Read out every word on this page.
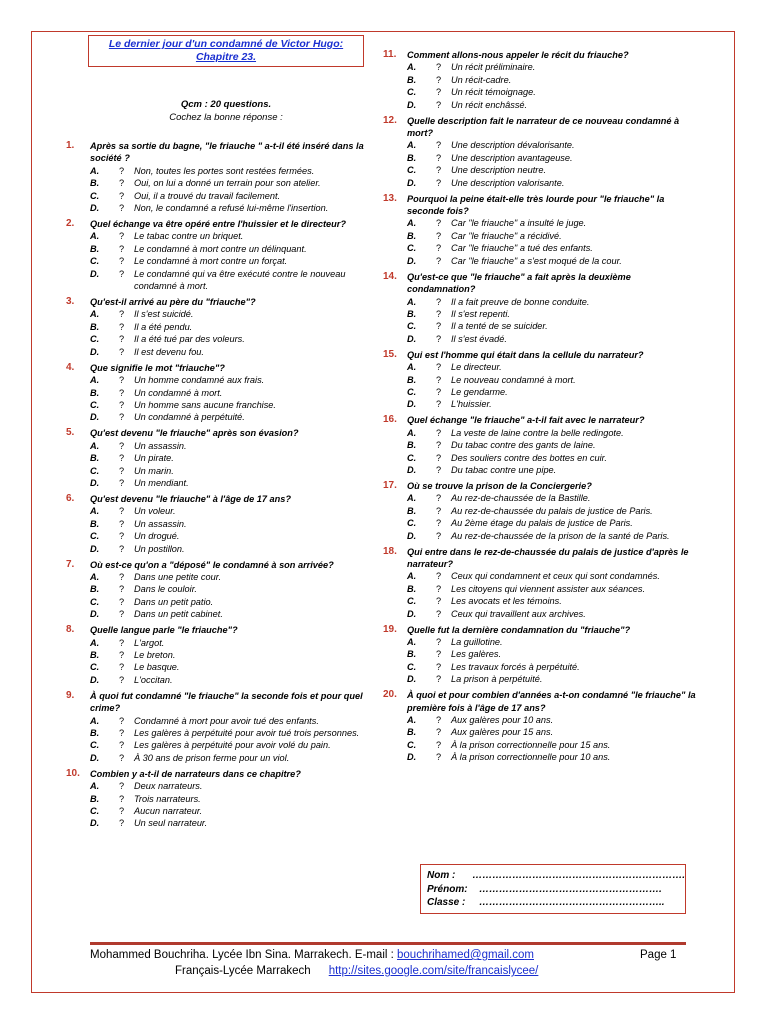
Le dernier jour d'un condamné de Victor Hugo:
Chapitre 23.
Qcm : 20 questions.
Cochez la bonne réponse :
1.	Après sa sortie du bagne, "le friauche " a-t-il été inséré dans la société ?
A.	?	Non, toutes les portes sont restées fermées.
B.	?	Oui, on lui a donné un terrain pour son atelier.
C.	?	Oui, il a trouvé du travail facilement.
D.	?	Non, le condamné a refusé lui-même l'insertion.
2.	Quel échange va être opéré entre l'huissier et le directeur?
A.	?	Le tabac contre un briquet.
B.	?	Le condamné à mort contre un délinquant.
C.	?	Le condamné à mort contre un forçat.
D.	?	Le condamné qui va être exécuté contre le nouveau condamné à mort.
3.	Qu'est-il arrivé au père du "friauche"?
A.	?	Il s'est suicidé.
B.	?	Il a été pendu.
C.	?	Il a été tué par des voleurs.
D.	?	Il est devenu fou.
4.	Que signifie le mot "friauche"?
A.	?	Un homme condamné aux frais.
B.	?	Un condamné à mort.
C.	?	Un homme sans aucune franchise.
D.	?	Un condamné à perpétuité.
5.	Qu'est devenu "le friauche" après son évasion?
A.	?	Un assassin.
B.	?	Un pirate.
C.	?	Un marin.
D.	?	Un mendiant.
6.	Qu'est devenu "le friauche" à l'âge de 17 ans?
A.	?	Un voleur.
B.	?	Un assassin.
C.	?	Un drogué.
D.	?	Un postillon.
7.	Où est-ce qu'on a "déposé" le condamné à son arrivée?
A.	?	Dans une petite cour.
B.	?	Dans le couloir.
C.	?	Dans un petit patio.
D.	?	Dans un petit cabinet.
8.	Quelle langue parle "le friauche"?
A.	?	L'argot.
B.	?	Le breton.
C.	?	Le basque.
D.	?	L'occitan.
9.	À quoi fut condamné "le friauche" la seconde fois et pour quel crime?
A.	?	Condamné à mort pour avoir tué des enfants.
B.	?	Les galères à perpétuité pour avoir tué trois personnes.
C.	?	Les galères à perpétuité pour avoir volé du pain.
D.	?	À 30 ans de prison ferme pour un viol.
10.	Combien y a-t-il de narrateurs dans ce chapitre?
A.	?	Deux narrateurs.
B.	?	Trois narrateurs.
C.	?	Aucun narrateur.
D.	?	Un seul narrateur.
11.	Comment allons-nous appeler le récit du friauche?
A.	?	Un récit préliminaire.
B.	?	Un récit-cadre.
C.	?	Un récit témoignage.
D.	?	Un récit enchâssé.
12.	Quelle description fait le narrateur de ce nouveau condamné à mort?
A.	?	Une description dévalorisante.
B.	?	Une description avantageuse.
C.	?	Une description neutre.
D.	?	Une description valorisante.
13.	Pourquoi la peine était-elle très lourde pour "le friauche" la seconde fois?
A.	?	Car "le friauche" a insulté le juge.
B.	?	Car "le friauche" a récidivé.
C.	?	Car "le friauche" a tué des enfants.
D.	?	Car "le friauche" a s'est moqué de la cour.
14.	Qu'est-ce que "le friauche" a fait après la deuxième condamnation?
A.	?	Il a fait preuve de bonne conduite.
B.	?	Il s'est repenti.
C.	?	Il a tenté de se suicider.
D.	?	Il s'est évadé.
15.	Qui est l'homme qui était dans la cellule du narrateur?
A.	?	Le directeur.
B.	?	Le nouveau condamné à mort.
C.	?	Le gendarme.
D.	?	L'huissier.
16.	Quel échange "le friauche" a-t-il fait avec le narrateur?
A.	?	La veste de laine contre la belle redingote.
B.	?	Du tabac contre des gants de laine.
C.	?	Des souliers contre des bottes en cuir.
D.	?	Du tabac contre une pipe.
17.	Où se trouve la prison de la Conciergerie?
A.	?	Au rez-de-chaussée de la Bastille.
B.	?	Au rez-de-chaussée du palais de justice de Paris.
C.	?	Au 2ème étage du palais de justice de Paris.
D.	?	Au rez-de-chaussée de la prison de la santé de Paris.
18.	Qui entre dans le rez-de-chaussée du palais de justice d'après le narrateur?
A.	?	Ceux qui condamnent et ceux qui sont condamnés.
B.	?	Les citoyens qui viennent assister aux séances.
C.	?	Les avocats et les témoins.
D.	?	Ceux qui travaillent aux archives.
19.	Quelle fut la dernière condamnation du "friauche"?
A.	?	La guillotine.
B.	?	Les galères.
C.	?	Les travaux forcés à perpétuité.
D.	?	La prison à perpétuité.
20.	À quoi et pour combien d'années a-t-on condamné "le friauche" la première fois à l'âge de 17 ans?
A.	?	Aux galères pour 10 ans.
B.	?	Aux galères pour 15 ans.
C.	?	À la prison correctionnelle pour 15 ans.
D.	?	À la prison correctionnelle pour 10 ans.
Nom :	……………………………………………………….
Prénom:	……………………………………………….
Classe :	………………………………………………..
Mohammed Bouchriha. Lycée Ibn Sina. Marrakech. E-mail : bouchrihamed@gmail.com	Page 1
Français-Lycée Marrakech http://sites.google.com/site/francaislycee/
